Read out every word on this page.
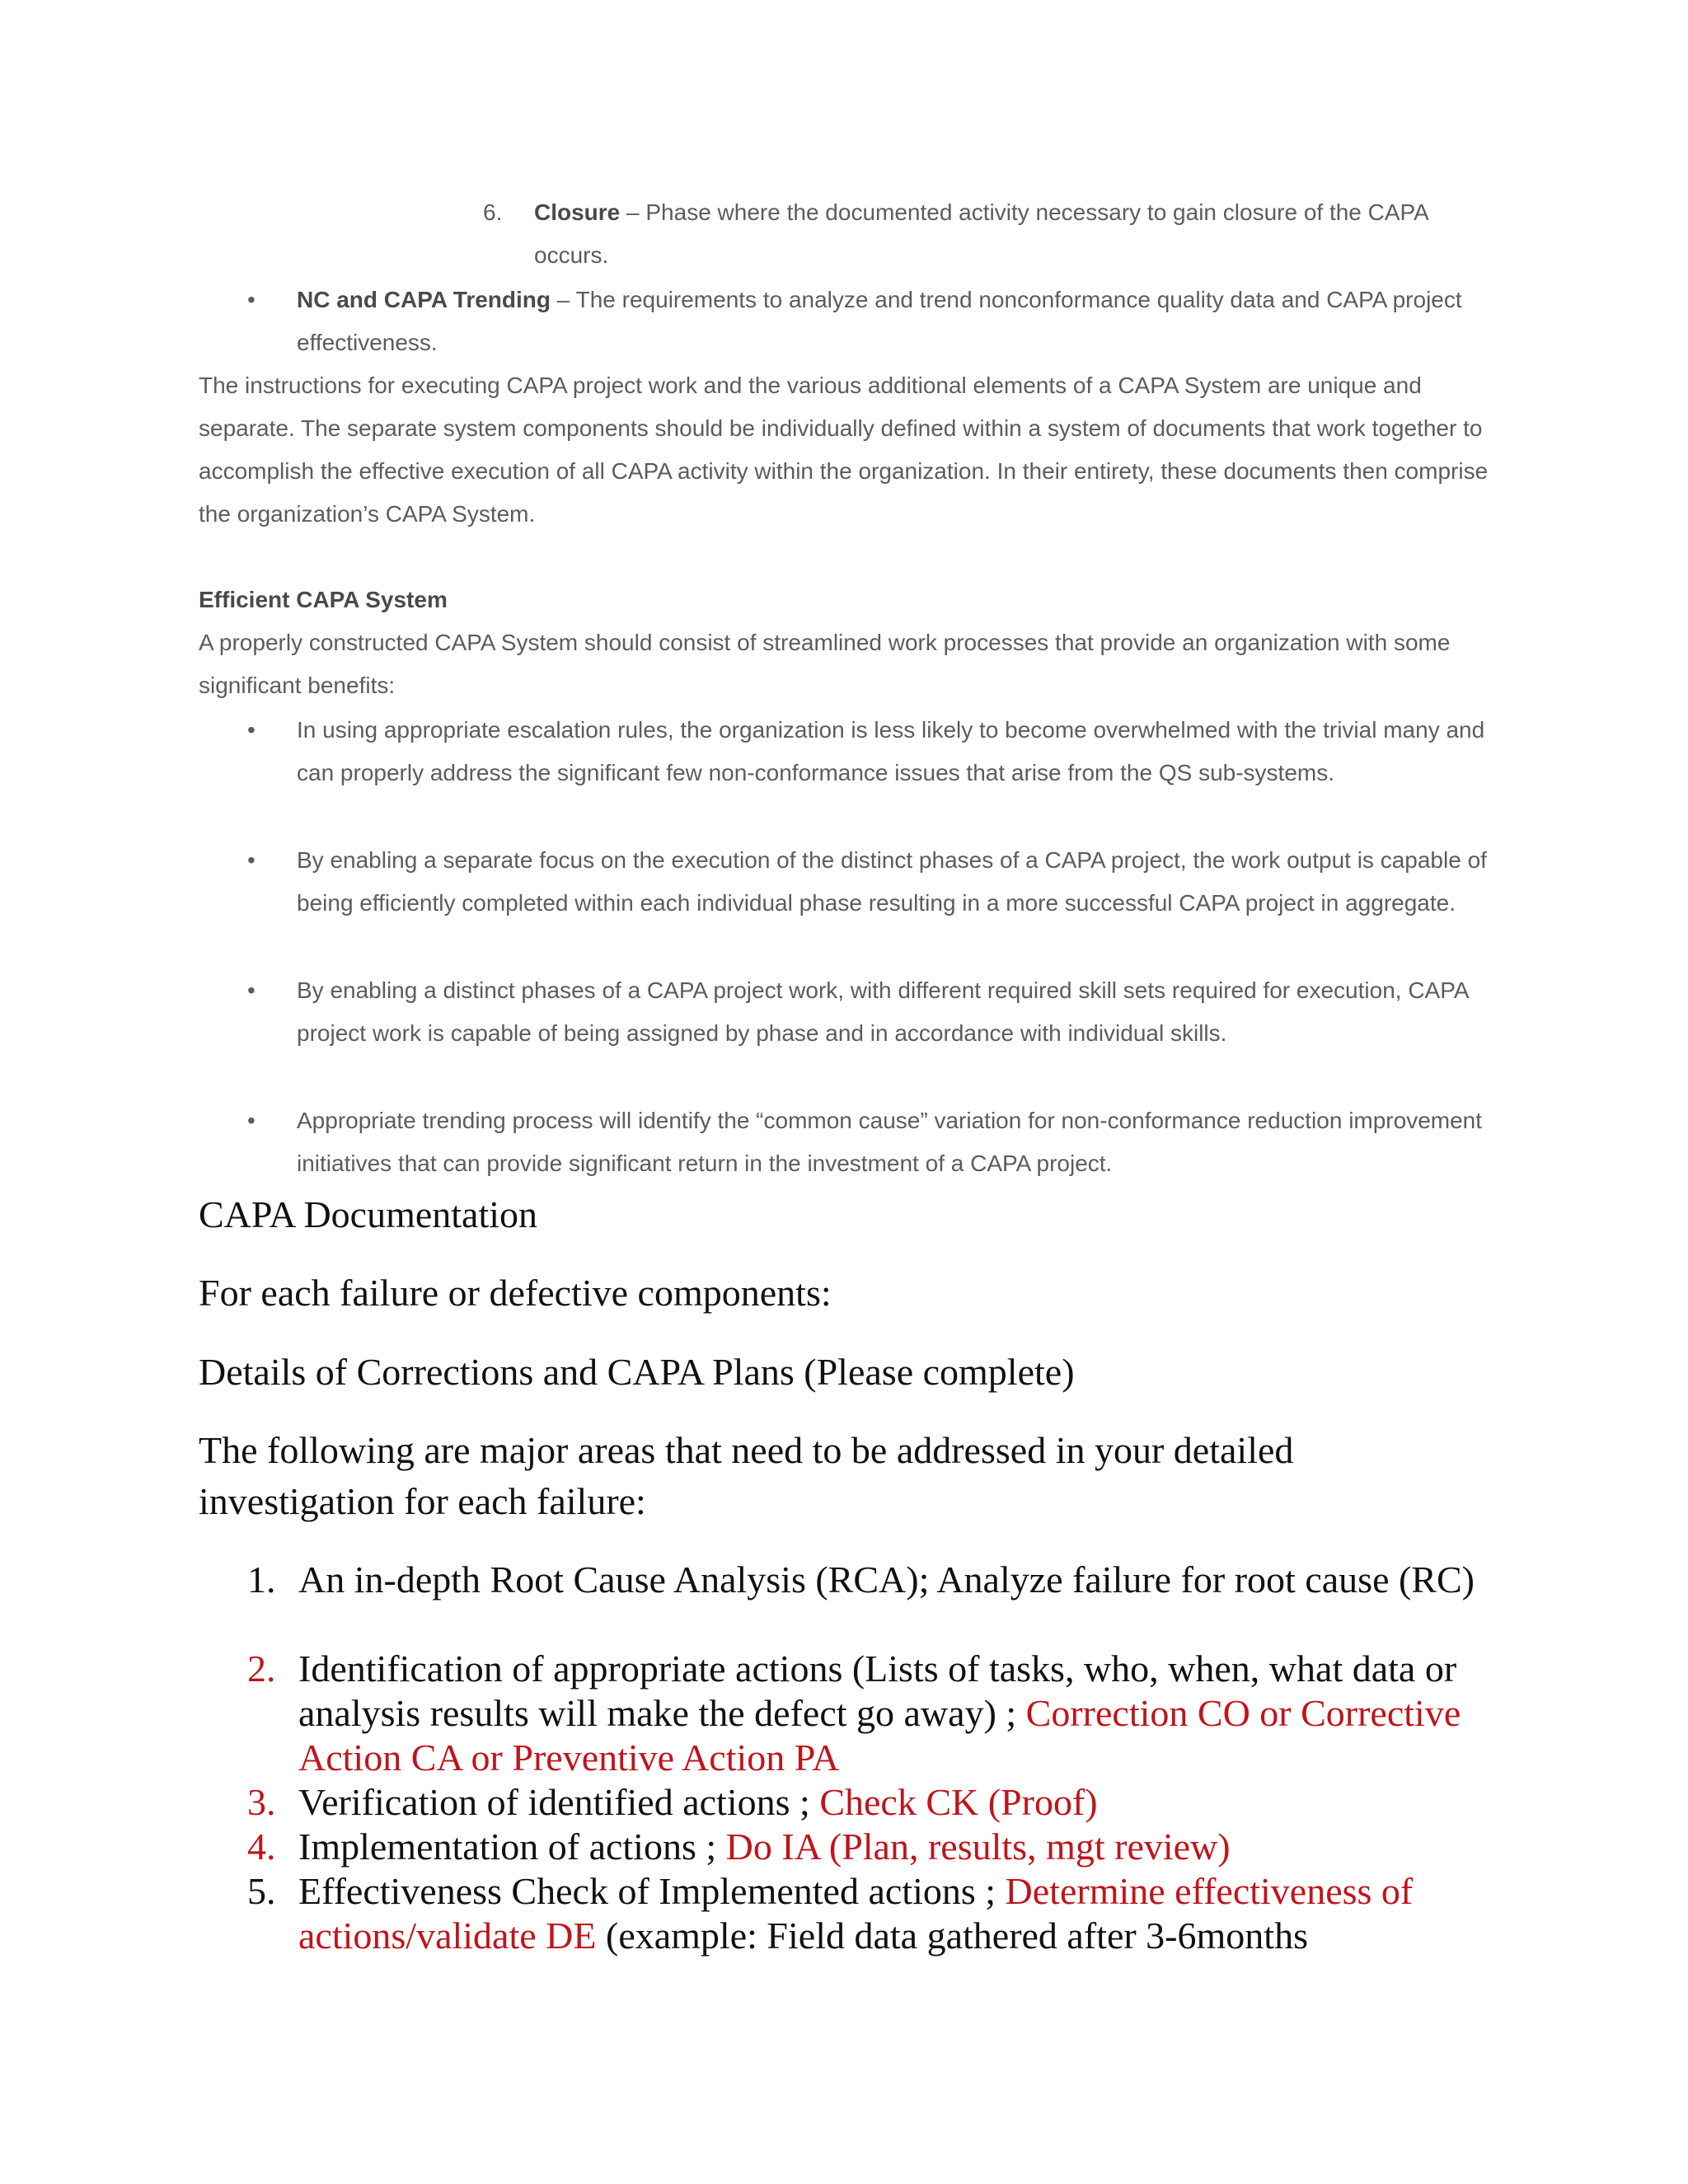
6. Closure – Phase where the documented activity necessary to gain closure of the CAPA occurs.
• NC and CAPA Trending – The requirements to analyze and trend nonconformance quality data and CAPA project effectiveness.
The instructions for executing CAPA project work and the various additional elements of a CAPA System are unique and separate. The separate system components should be individually defined within a system of documents that work together to accomplish the effective execution of all CAPA activity within the organization. In their entirety, these documents then comprise the organization’s CAPA System.
Efficient CAPA System
A properly constructed CAPA System should consist of streamlined work processes that provide an organization with some significant benefits:
• In using appropriate escalation rules, the organization is less likely to become overwhelmed with the trivial many and can properly address the significant few non-conformance issues that arise from the QS sub-systems.
• By enabling a separate focus on the execution of the distinct phases of a CAPA project, the work output is capable of being efficiently completed within each individual phase resulting in a more successful CAPA project in aggregate.
• By enabling a distinct phases of a CAPA project work, with different required skill sets required for execution, CAPA project work is capable of being assigned by phase and in accordance with individual skills.
• Appropriate trending process will identify the “common cause” variation for non-conformance reduction improvement initiatives that can provide significant return in the investment of a CAPA project.
CAPA Documentation
For each failure or defective components:
Details of Corrections and CAPA Plans (Please complete)
The following are major areas that need to be addressed in your detailed investigation for each failure:
1. An in-depth Root Cause Analysis (RCA); Analyze failure for root cause (RC)
2. Identification of appropriate actions (Lists of tasks, who, when, what data or analysis results will make the defect go away) ; Correction CO or Corrective Action CA or Preventive Action PA
3. Verification of identified actions ; Check CK (Proof)
4. Implementation of actions ; Do IA (Plan, results, mgt review)
5. Effectiveness Check of Implemented actions ; Determine effectiveness of actions/validate DE (example: Field data gathered after 3-6months
